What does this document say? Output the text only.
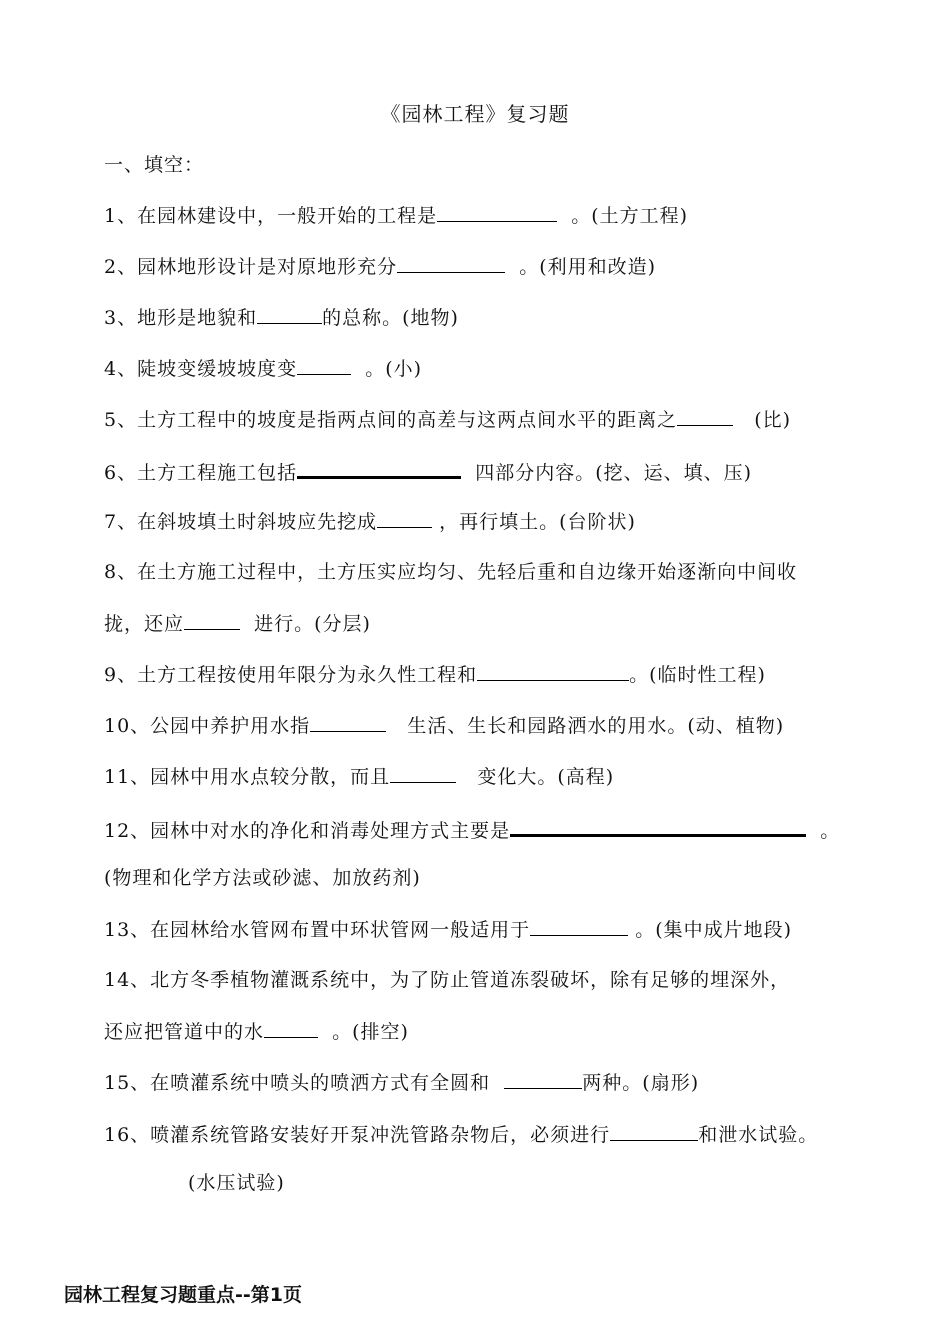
《园林工程》复习题
一、填空：
1、在园林建设中，一般开始的工程是	。(土方工程)
2、园林地形设计是对原地形充分	。(利用和改造)
3、地形是地貌和	的总称。(地物)
4、陡坡变缓坡坡度变	。(小)
5、土方工程中的坡度是指两点间的高差与这两点间水平的距离之	(比)
6、土方工程施工包括	四部分内容。(挖、运、填、压)
7、在斜坡填土时斜坡应先挖成	，再行填土。(台阶状)
8、在土方施工过程中，土方压实应均匀、先轻后重和自边缘开始逐渐向中间收
拢，还应	进行。(分层)
9、土方工程按使用年限分为永久性工程和	。(临时性工程)
10、公园中养护用水指	生活、生长和园路洒水的用水。(动、植物)
11、园林中用水点较分散，而且	变化大。(高程)
12、园林中对水的净化和消毒处理方式主要是	。
(物理和化学方法或砂滤、加放药剂)
13、在园林给水管网布置中环状管网一般适用于	。(集中成片地段)
14、北方冬季植物灌溉系统中，为了防止管道冻裂破坏，除有足够的埋深外，
还应把管道中的水	。(排空)
15、在喷灌系统中喷头的喷洒方式有全圆和	两种。(扇形)
16、喷灌系统管路安装好开泵冲洗管路杂物后，必须进行	和泄水试验。
(水压试验)
园林工程复习题重点--第1页
